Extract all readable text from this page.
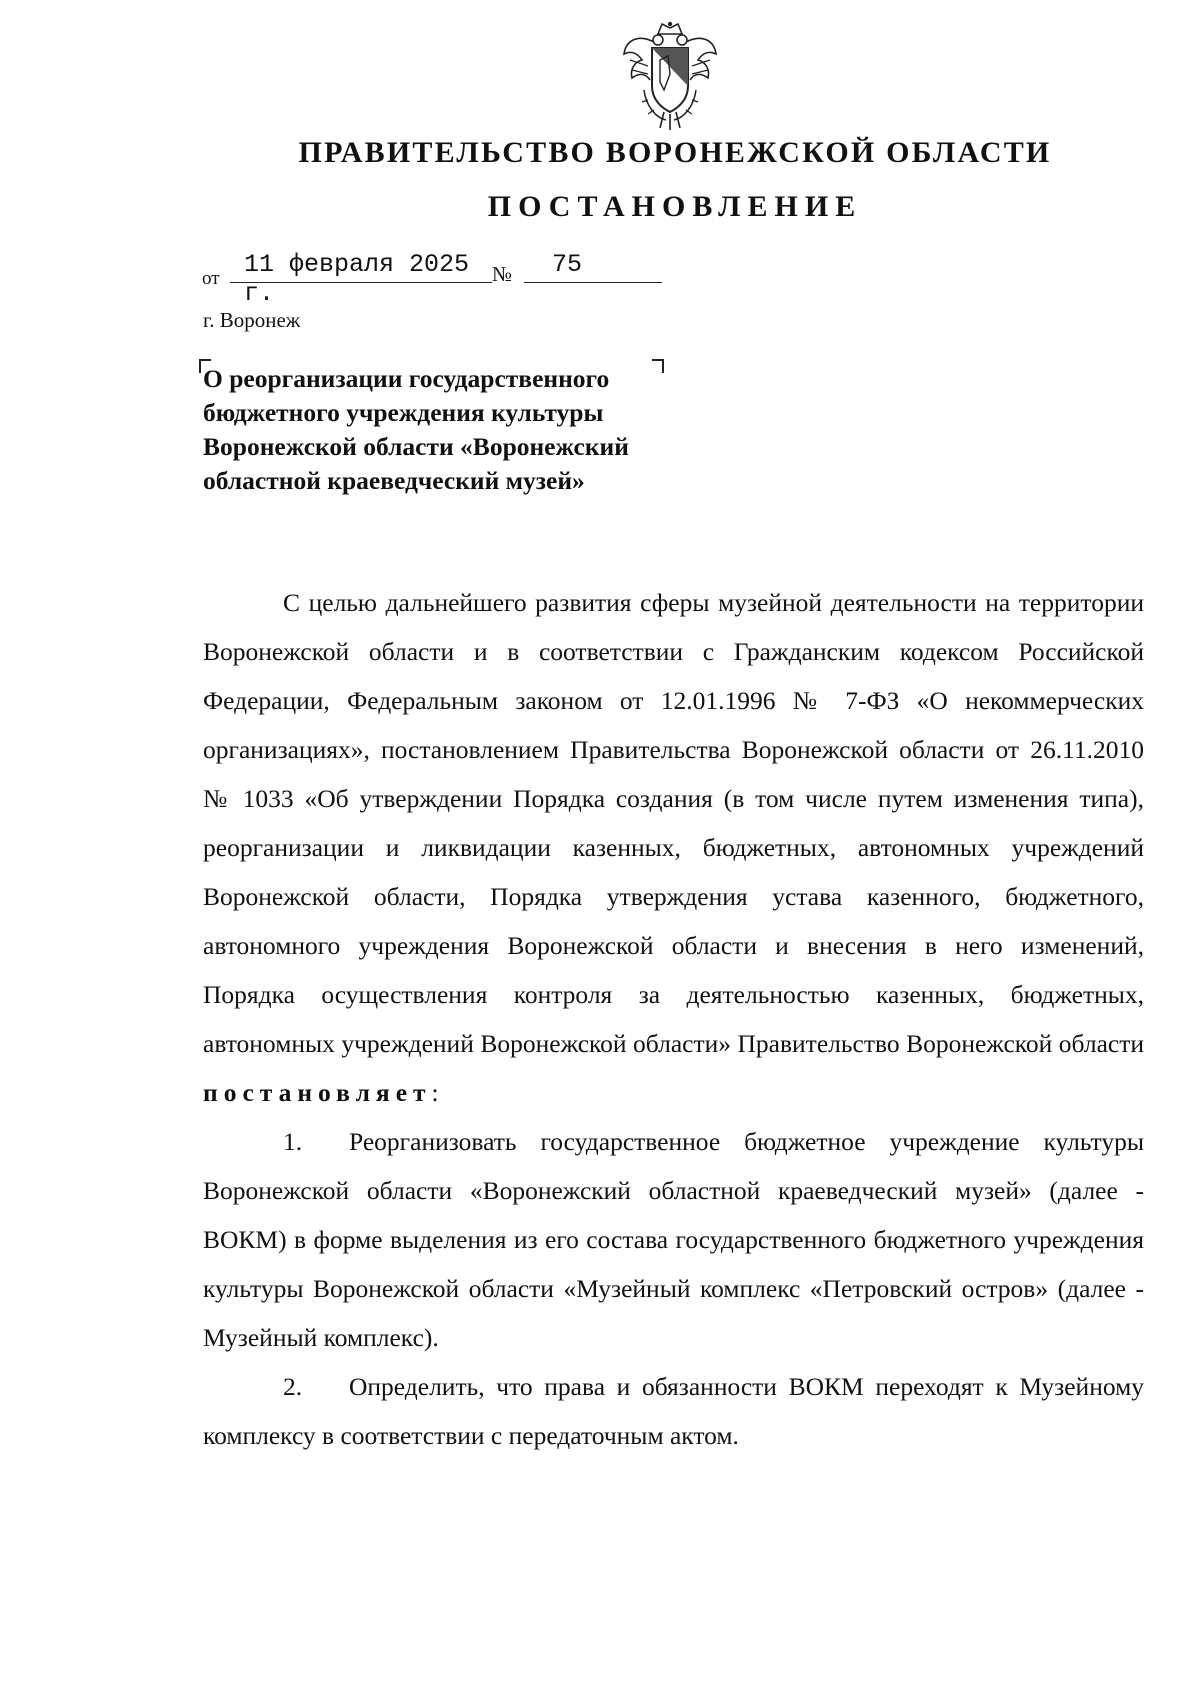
ПРАВИТЕЛЬСТВО ВОРОНЕЖСКОЙ ОБЛАСТИ
ПОСТАНОВЛЕНИЕ
от 11 февраля 2025 г.
№	75
г. Воронеж
О реорганизации государственного бюджетного учреждения культуры Воронежской области «Воронежский областной краеведческий музей»

С целью дальнейшего развития сферы музейной деятельности на территории Воронежской области и в соответствии с Гражданским кодексом Российской Федерации, Федеральным законом от 12.01.1996 № 7-ФЗ «О некоммерческих организациях», постановлением Правительства Воронежской области от 26.11.2010 № 1033 «Об утверждении Порядка создания (в том числе путем изменения типа), реорганизации и ликвидации казенных, бюджетных, автономных учреждений Воронежской области, Порядка утверждения устава казенного, бюджетного, автономного учреждения Воронежской области и внесения в него изменений, Порядка осуществления контроля за деятельностью казенных, бюджетных, автономных учреждений Воронежской области» Правительство Воронежской области постановляет:

1. Реорганизовать государственное бюджетное учреждение культуры Воронежской области «Воронежский областной краеведческий музей» (далее - ВОКМ) в форме выделения из его состава государственного бюджетного учреждения культуры Воронежской области «Музейный комплекс «Петровский остров» (далее - Музейный комплекс).

2. Определить, что права и обязанности ВОКМ переходят к Музейному комплексу в соответствии с передаточным актом.
